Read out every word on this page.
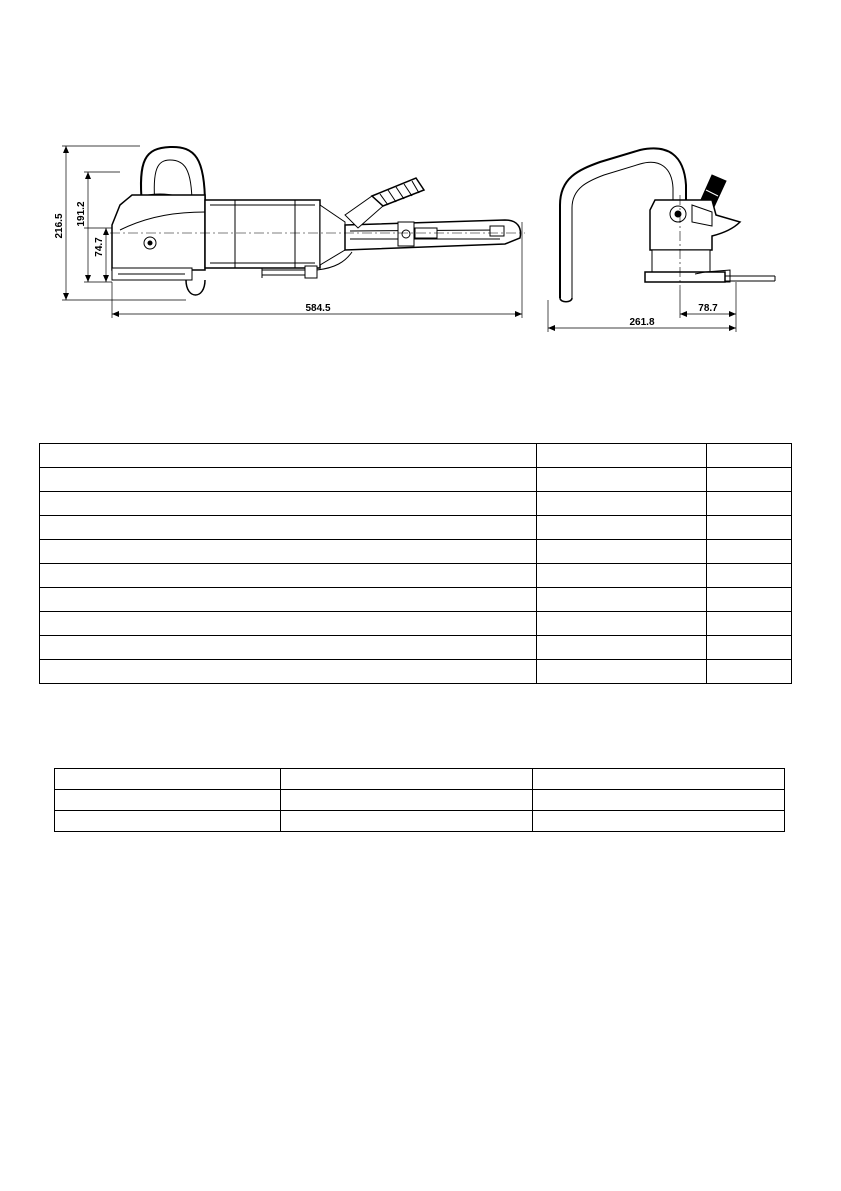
216.5 191.2
74.7
584.5
261.8
78.7
